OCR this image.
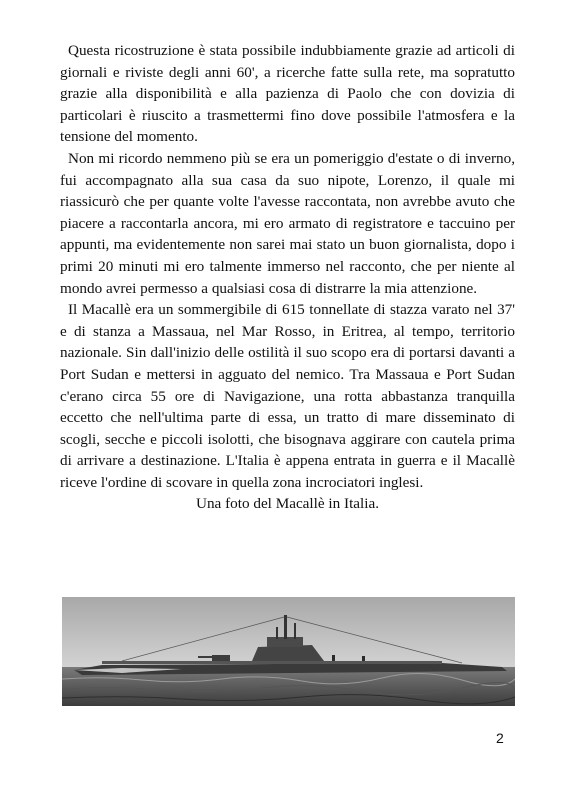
Questa ricostruzione è stata possibile indubbiamente grazie ad articoli di giornali e riviste degli anni 60', a ricerche fatte sulla rete, ma sopratutto grazie alla disponibilità e alla pazienza di Paolo che con dovizia di particolari è riuscito a trasmettermi fino dove possibile l'atmosfera e la tensione del momento.

Non mi ricordo nemmeno più se era un pomeriggio d'estate o di inverno, fui accompagnato alla sua casa da suo nipote, Lorenzo, il quale mi riassicurò che per quante volte l'avesse raccontata, non avrebbe avuto che piacere a raccontarla ancora, mi ero armato di registratore e taccuino per appunti, ma evidentemente non sarei mai stato un buon giornalista, dopo i primi 20 minuti mi ero talmente immerso nel racconto, che per niente al mondo avrei permesso a qualsiasi cosa di distrarre la mia attenzione.

Il Macallè era un sommergibile di 615 tonnellate di stazza varato nel 37' e di stanza a Massaua, nel Mar Rosso, in Eritrea, al tempo, territorio nazionale. Sin dall'inizio delle ostilità il suo scopo era di portarsi davanti a Port Sudan e mettersi in agguato del nemico. Tra Massaua e Port Sudan c'erano circa 55 ore di Navigazione, una rotta abbastanza tranquilla eccetto che nell'ultima parte di essa, un tratto di mare disseminato di scogli, secche e piccoli isolotti, che bisognava aggirare con cautela prima di arrivare a destinazione. L'Italia è appena entrata in guerra e il Macallè riceve l'ordine di scovare in quella zona incrociatori inglesi.

Una foto del Macallè in Italia.

2
